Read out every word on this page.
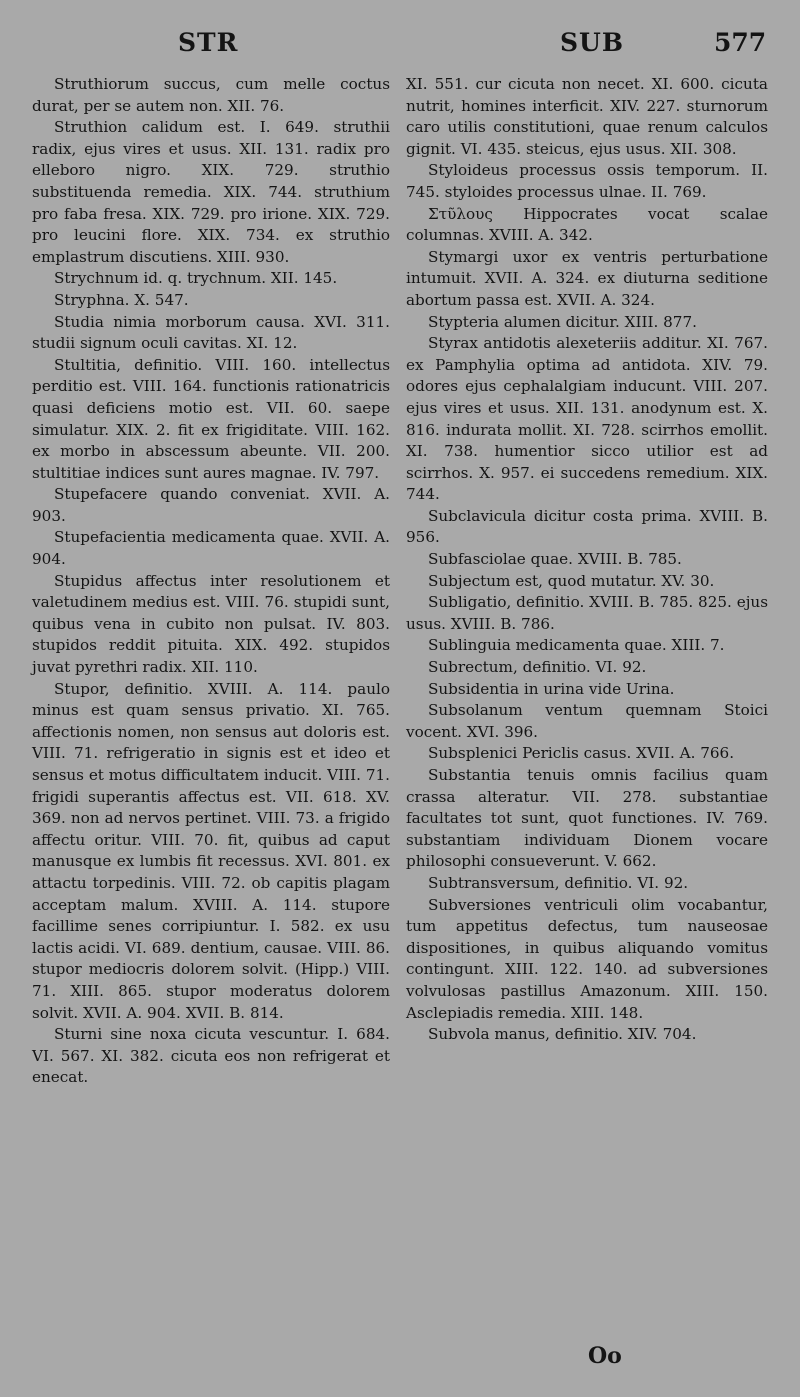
STR	SUB	577

Struthiorum succus, cum melle coctus durat, per se autem non. XII. 76.

Struthion calidum est. I. 649. struthii radix, ejus vires et usus. XII. 131. radix pro elleboro nigro. XIX. 729. struthio substituenda remedia. XIX. 744. struthium pro faba fresa. XIX. 729. pro irione. XIX. 729. pro leucini flore. XIX. 734. ex struthio emplastrum discutiens. XIII. 930.

Strychnum id. q. trychnum. XII. 145.

Stryphna. X. 547.

Studia nimia morborum causa. XVI. 311. studii signum oculi cavitas. XI. 12.

Stultitia, definitio. VIII. 160. intellectus perditio est. VIII. 164. functionis rationatricis quasi deficiens motio est. VII. 60. saepe simulatur. XIX. 2. fit ex frigiditate. VIII. 162. ex morbo in abscessum abeunte. VII. 200. stultitiae indices sunt aures magnae. IV. 797.

Stupefacere quando conveniat. XVII. A. 903.

Stupefacientia medicamenta quae. XVII. A. 904.

Stupidus affectus inter resolutionem et valetudinem medius est. VIII. 76. stupidi sunt, quibus vena in cubito non pulsat. IV. 803. stupidos reddit pituita. XIX. 492. stupidos juvat pyrethri radix. XII. 110.

Stupor, definitio. XVIII. A. 114. paulo minus est quam sensus privatio. XI. 765. affectionis nomen, non sensus aut doloris est. VIII. 71. refrigeratio in signis est et ideo et sensus et motus difficultatem inducit. VIII. 71. frigidi superantis affectus est. VII. 618. XV. 369. non ad nervos pertinet. VIII. 73. a frigido affectu oritur. VIII. 70. fit, quibus ad caput manusque ex lumbis fit recessus. XVI. 801. ex attactu torpedinis. VIII. 72. ob capitis plagam acceptam malum. XVIII. A. 114. stupore facillime senes corripiuntur. I. 582. ex usu lactis acidi. VI. 689. dentium, causae. VIII. 86. stupor mediocris dolorem solvit. (Hipp.) VIII. 71. XIII. 865. stupor moderatus dolorem solvit. XVII. A. 904. XVII. B. 814.

Sturni sine noxa cicuta vescuntur. I. 684. VI. 567. XI. 382. cicuta eos non refrigerat et enecat.

XI. 551. cur cicuta non necet. XI. 600. cicuta nutrit, homines interficit. XIV. 227. sturnorum caro utilis constitutioni, quae renum calculos gignit. VI. 435. steicus, ejus usus. XII. 308.

Styloideus processus ossis temporum. II. 745. styloides processus ulnae. II. 769.

Στῦλους Hippocrates vocat scalae columnas. XVIII. A. 342.

Stymargi uxor ex ventris perturbatione intumuit. XVII. A. 324. ex diuturna seditione abortum passa est. XVII. A. 324.

Stypteria alumen dicitur. XIII. 877.

Styrax antidotis alexeteriis additur. XI. 767. ex Pamphylia optima ad antidota. XIV. 79. odores ejus cephalalgiam inducunt. VIII. 207. ejus vires et usus. XII. 131. anodynum est. X. 816. indurata mollit. XI. 728. scirrhos emollit. XI. 738. humentior sicco utilior est ad scirrhos. X. 957. ei succedens remedium. XIX. 744.

Subclavicula dicitur costa prima. XVIII. B. 956.

Subfasciolae quae. XVIII. B. 785.

Subjectum est, quod mutatur. XV. 30.

Subligatio, definitio. XVIII. B. 785. 825. ejus usus. XVIII. B. 786.

Sublinguia medicamenta quae. XIII. 7.

Subrectum, definitio. VI. 92.

Subsidentia in urina vide Urina.

Subsolanum ventum quemnam Stoici vocent. XVI. 396.

Subsplenici Periclis casus. XVII. A. 766.

Substantia tenuis omnis facilius quam crassa alteratur. VII. 278. substantiae facultates tot sunt, quot functiones. IV. 769. substantiam individuam Dionem vocare philosophi consueverunt. V. 662.

Subtransversum, definitio. VI. 92.

Subversiones ventriculi olim vocabantur, tum appetitus defectus, tum nauseosae dispositiones, in quibus aliquando vomitus contingunt. XIII. 122. 140. ad subversiones volvulosas pastillus Amazonum. XIII. 150. Asclepiadis remedia. XIII. 148.

Subvola manus, definitio. XIV. 704.

Oo
